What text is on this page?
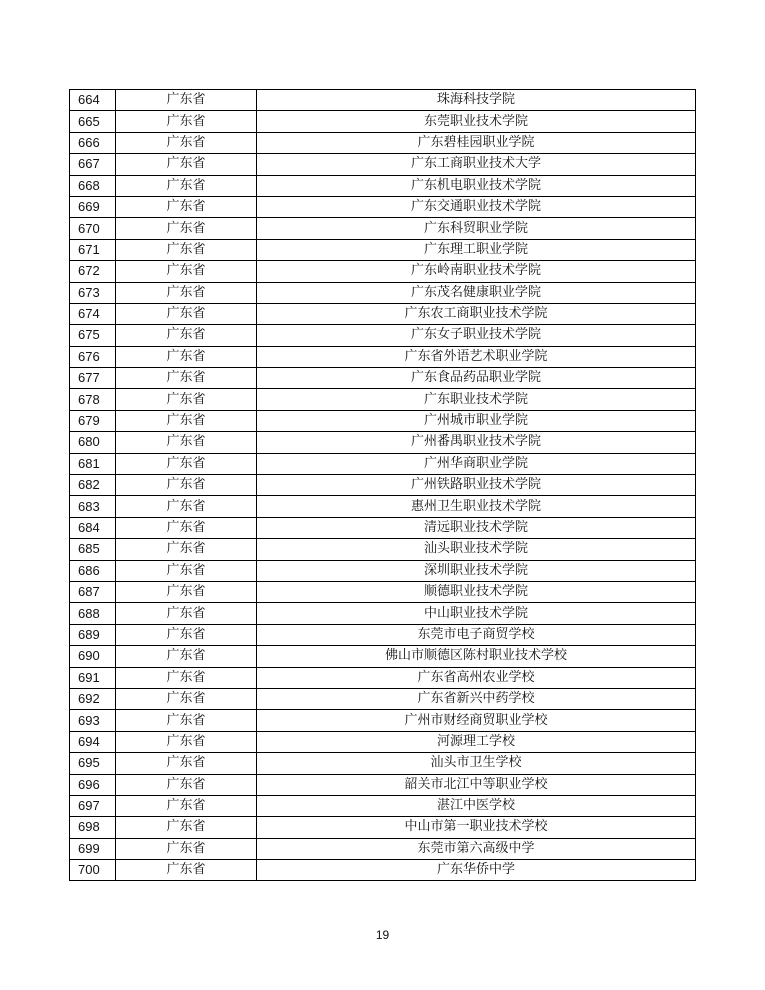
664	广东省	珠海科技学院
665	广东省	东莞职业技术学院
666	广东省	广东碧桂园职业学院
667	广东省	广东工商职业技术大学
668	广东省	广东机电职业技术学院
669	广东省	广东交通职业技术学院
670	广东省	广东科贸职业学院
671	广东省	广东理工职业学院
672	广东省	广东岭南职业技术学院
673	广东省	广东茂名健康职业学院
674	广东省	广东农工商职业技术学院
675	广东省	广东女子职业技术学院
676	广东省	广东省外语艺术职业学院
677	广东省	广东食品药品职业学院
678	广东省	广东职业技术学院
679	广东省	广州城市职业学院
680	广东省	广州番禺职业技术学院
681	广东省	广州华商职业学院
682	广东省	广州铁路职业技术学院
683	广东省	惠州卫生职业技术学院
684	广东省	清远职业技术学院
685	广东省	汕头职业技术学院
686	广东省	深圳职业技术学院
687	广东省	顺德职业技术学院
688	广东省	中山职业技术学院
689	广东省	东莞市电子商贸学校
690	广东省	佛山市顺德区陈村职业技术学校
691	广东省	广东省高州农业学校
692	广东省	广东省新兴中药学校
693	广东省	广州市财经商贸职业学校
694	广东省	河源理工学校
695	广东省	汕头市卫生学校
696	广东省	韶关市北江中等职业学校
697	广东省	湛江中医学校
698	广东省	中山市第一职业技术学校
699	广东省	东莞市第六高级中学
700	广东省	广东华侨中学
19
